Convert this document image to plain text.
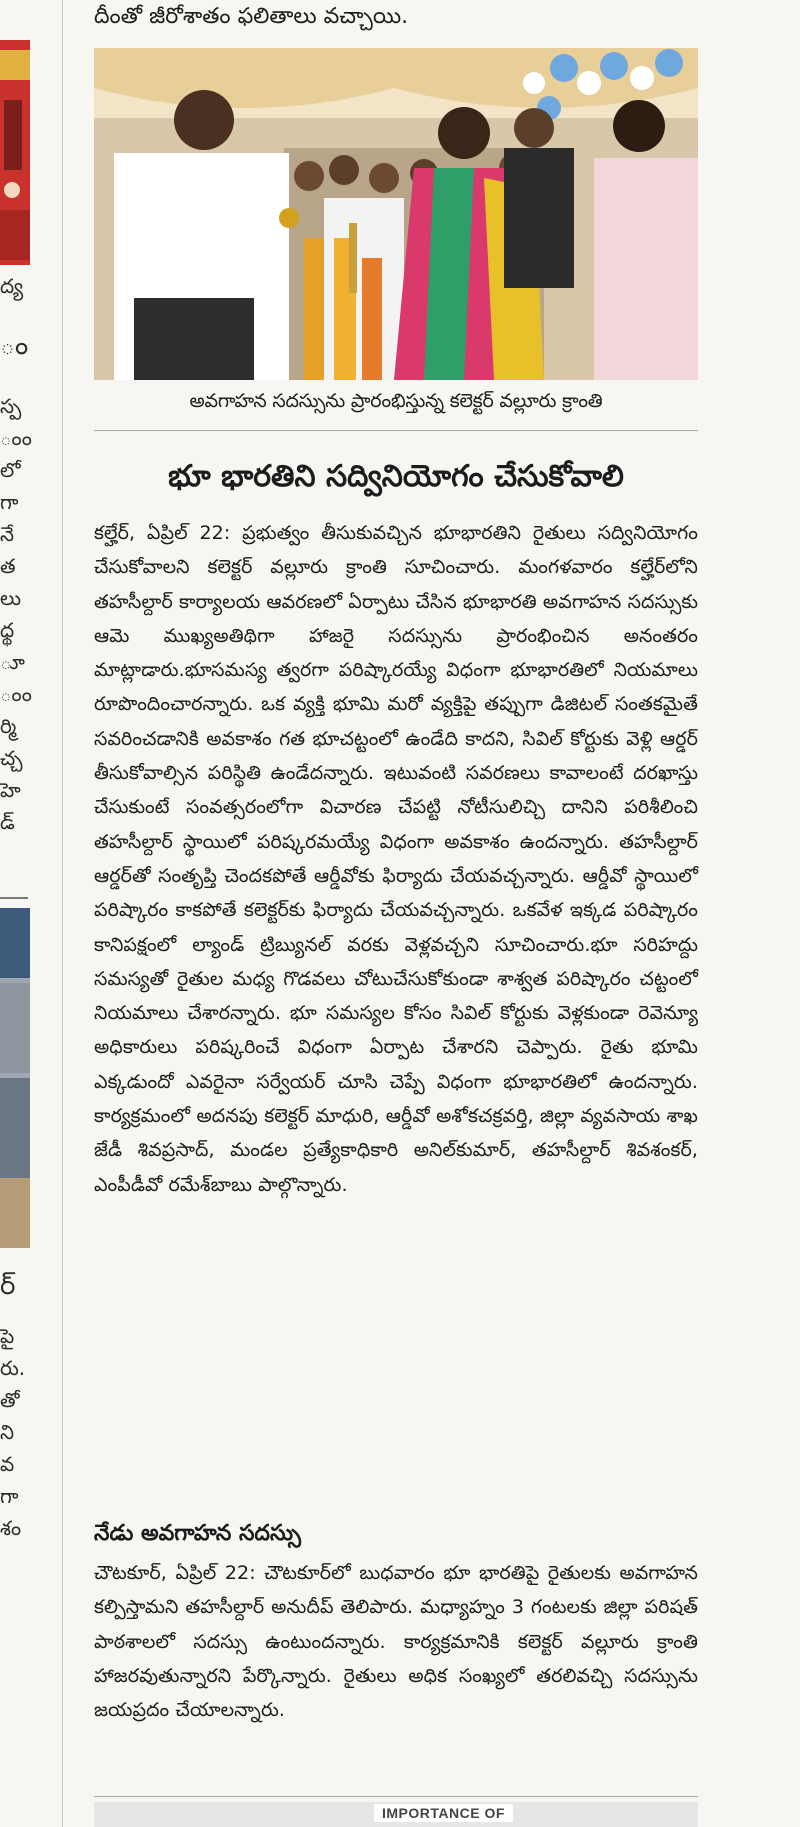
ద్య
ం
స్ప
ంం
లో
గా
నే
త
లు
ధ్థ
ూ
ంం
ర్మి
చ్చ
హె
డ్
ర్
పై
రు.
తో
ని
వ
గా
శం
దీంతో జీరోశాతం ఫలితాలు వచ్చాయి.
అవగాహన సదస్సును ప్రారంభిస్తున్న కలెక్టర్ వల్లూరు క్రాంతి
భూ భారతిని సద్వినియోగం చేసుకోవాలి

కల్హేర్, ఏప్రిల్ 22: ప్రభుత్వం తీసుకువచ్చిన భూభారతిని రైతులు సద్వినియోగం చేసుకోవాలని కలెక్టర్ వల్లూరు క్రాంతి సూచించారు. మంగళవారం కల్హేర్‌లోని తహసీల్దార్ కార్యాలయ ఆవరణలో ఏర్పాటు చేసిన భూభారతి అవగాహన సదస్సుకు ఆమె ముఖ్యఅతిథిగా హాజరై సదస్సును ప్రారంభించిన అనంతరం మాట్లాడారు.భూసమస్య త్వరగా పరిష్కారయ్యే విధంగా భూభారతిలో నియమాలు రూపొందించారన్నారు. ఒక వ్యక్తి భూమి మరో వ్యక్తిపై తప్పుగా డిజిటల్ సంతకమైతే సవరించడానికి అవకాశం గత భూచట్టంలో ఉండేది కాదని, సివిల్ కోర్టుకు వెళ్లి ఆర్డర్ తీసుకోవాల్సిన పరిస్థితి ఉండేదన్నారు. ఇటువంటి సవరణలు కావాలంటే దరఖాస్తు చేసుకుంటే సంవత్సరంలోగా విచారణ చేపట్టి నోటీసులిచ్చి దానిని పరిశీలించి తహసీల్దార్ స్థాయిలో పరిష్కరమయ్యే విధంగా అవకాశం ఉందన్నారు. తహసీల్దార్ ఆర్డర్‌తో సంతృప్తి చెందకపోతే ఆర్డీవోకు ఫిర్యాదు చేయవచ్చన్నారు. ఆర్డీవో స్థాయిలో పరిష్కారం కాకపోతే కలెక్టర్‌కు ఫిర్యాదు చేయవచ్చన్నారు. ఒకవేళ ఇక్కడ పరిష్కారం కానిపక్షంలో ల్యాండ్ ట్రిబ్యునల్ వరకు వెళ్లవచ్చని సూచించారు.భూ సరిహద్దు సమస్యతో రైతుల మధ్య గొడవలు చోటుచేసుకోకుండా శాశ్వత పరిష్కారం చట్టంలో నియమాలు చేశారన్నారు. భూ సమస్యల కోసం సివిల్ కోర్టుకు వెళ్లకుండా రెవెన్యూ అధికారులు పరిష్కరించే విధంగా ఏర్పాట చేశారని చెప్పారు. రైతు భూమి ఎక్కడుందో ఎవరైనా సర్వేయర్ చూసి చెప్పే విధంగా భూభారతిలో ఉందన్నారు. కార్యక్రమంలో అదనపు కలెక్టర్ మాధురి, ఆర్డీవో అశోకచక్రవర్తి, జిల్లా వ్యవసాయ శాఖ జేడీ శివప్రసాద్, మండల ప్రత్యేకాధికారి అనిల్‌కుమార్, తహసీల్దార్ శివశంకర్, ఎంపీడీవో రమేశ్‌బాబు పాల్గొన్నారు.

నేడు అవగాహన సదస్సు

చౌటకూర్, ఏప్రిల్ 22: చౌటకూర్‌లో బుధవారం భూ భారతిపై రైతులకు అవగాహన కల్పిస్తామని తహసీల్దార్ అనుదీప్ తెలిపారు. మధ్యాహ్నం 3 గంటలకు జిల్లా పరిషత్ పాఠశాలలో సదస్సు ఉంటుందన్నారు. కార్యక్రమానికి కలెక్టర్ వల్లూరు క్రాంతి హాజరవుతున్నారని పేర్కొన్నారు. రైతులు అధిక సంఖ్యలో తరలివచ్చి సదస్సును జయప్రదం చేయాలన్నారు.

IMPORTANCE OF
